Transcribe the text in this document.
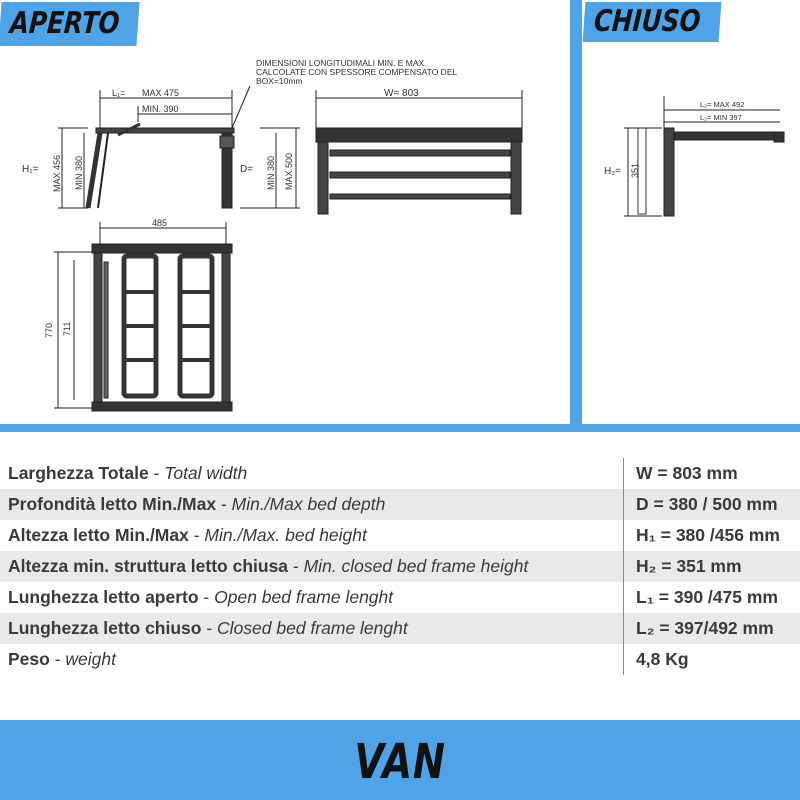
APERTO	CHIUSO
DIMENSIONI LONGITUDIMALI MIN. E MAX.
CALCOLATE CON SPESSORE COMPENSATO DEL
BOX=10mm
L₁= MAX 475
MIN. 390
W= 803
H₁= MAX 456 MIN 380	D= MIN 380 MAX 500
485
770 711
L₂= MAX 492
L₂= MIN 397
H₂= 351
Larghezza Totale - Total width	W = 803 mm
Profondità letto Min./Max - Min./Max bed depth	D = 380 / 500 mm
Altezza letto Min./Max - Min./Max. bed height	H₁ = 380 /456 mm
Altezza min. struttura letto chiusa - Min. closed bed frame height	H₂ = 351 mm
Lunghezza letto aperto - Open bed frame lenght	L₁ = 390 /475 mm
Lunghezza letto chiuso - Closed bed frame lenght	L₂ = 397/492 mm
Peso - weight	4,8 Kg
VAN
